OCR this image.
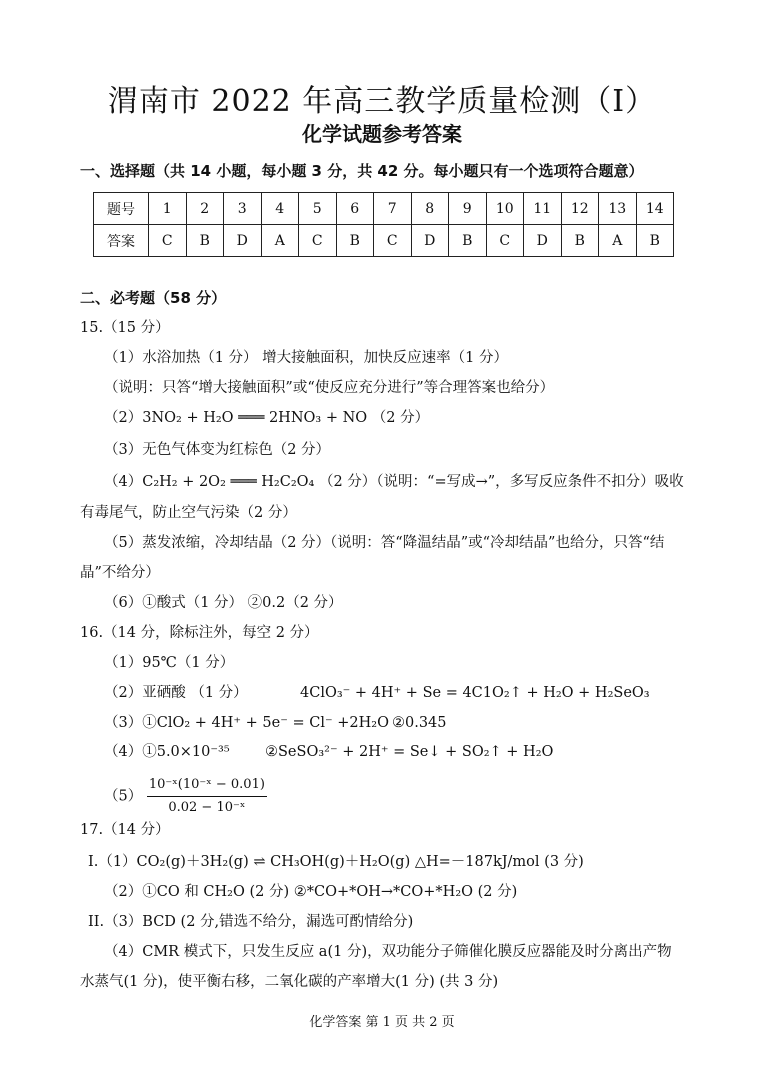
渭南市 2022 年高三教学质量检测（Ⅰ）
化学试题参考答案
一、选择题（共 14 小题，每小题 3 分，共 42 分。每小题只有一个选项符合题意）
题号	1	2	3	4	5	6	7	8	9	10	11	12	13	14
答案	C	B	D	A	C	B	C	D	B	C	D	B	A	B
二、必考题（58 分）
15.（15 分）
（1）水浴加热（1 分） 增大接触面积，加快反应速率（1 分）
（说明：只答“增大接触面积”或“使反应充分进行”等合理答案也给分）
（2）3NO₂ + H₂O ═══ 2HNO₃ + NO （2 分）
（3）无色气体变为红棕色（2 分）
（4）C₂H₂ + 2O₂ ═══ H₂C₂O₄ （2 分）（说明：“=写成→”，多写反应条件不扣分）吸收
有毒尾气，防止空气污染（2 分）
（5）蒸发浓缩，冷却结晶（2 分）（说明：答“降温结晶”或“冷却结晶”也给分，只答“结
晶”不给分）
（6）①酸式（1 分） ②0.2（2 分）
16.（14 分，除标注外，每空 2 分）
（1）95℃（1 分）
（2）亚硒酸 （1 分）	4ClO₃⁻ + 4H⁺ + Se = 4C1O₂↑ + H₂O + H₂SeO₃
（3）①ClO₂ + 4H⁺ + 5e⁻ = Cl⁻ +2H₂O ②0.345
（4）①5.0×10⁻³⁵ ②SeSO₃²⁻ + 2H⁺ = Se↓ + SO₂↑ + H₂O
$(5) \frac{\text{10⁻ˣ(10⁻ˣ − 0.01)}}{\text{0.02 − 10⁻ˣ}}$
17.（14 分）
I.（1）CO₂(g)＋3H₂(g) ⇌ CH₃OH(g)＋H₂O(g) △H=－187kJ/mol (3 分)
（2）①CO 和 CH₂O (2 分) ②*CO+*OH→*CO+*H₂O (2 分)
II.（3）BCD (2 分,错选不给分，漏选可酌情给分)
（4）CMR 模式下，只发生反应 a(1 分)，双功能分子筛催化膜反应器能及时分离出产物
水蒸气(1 分)，使平衡右移，二氧化碳的产率增大(1 分) (共 3 分)
化学答案 第 1 页 共 2 页
